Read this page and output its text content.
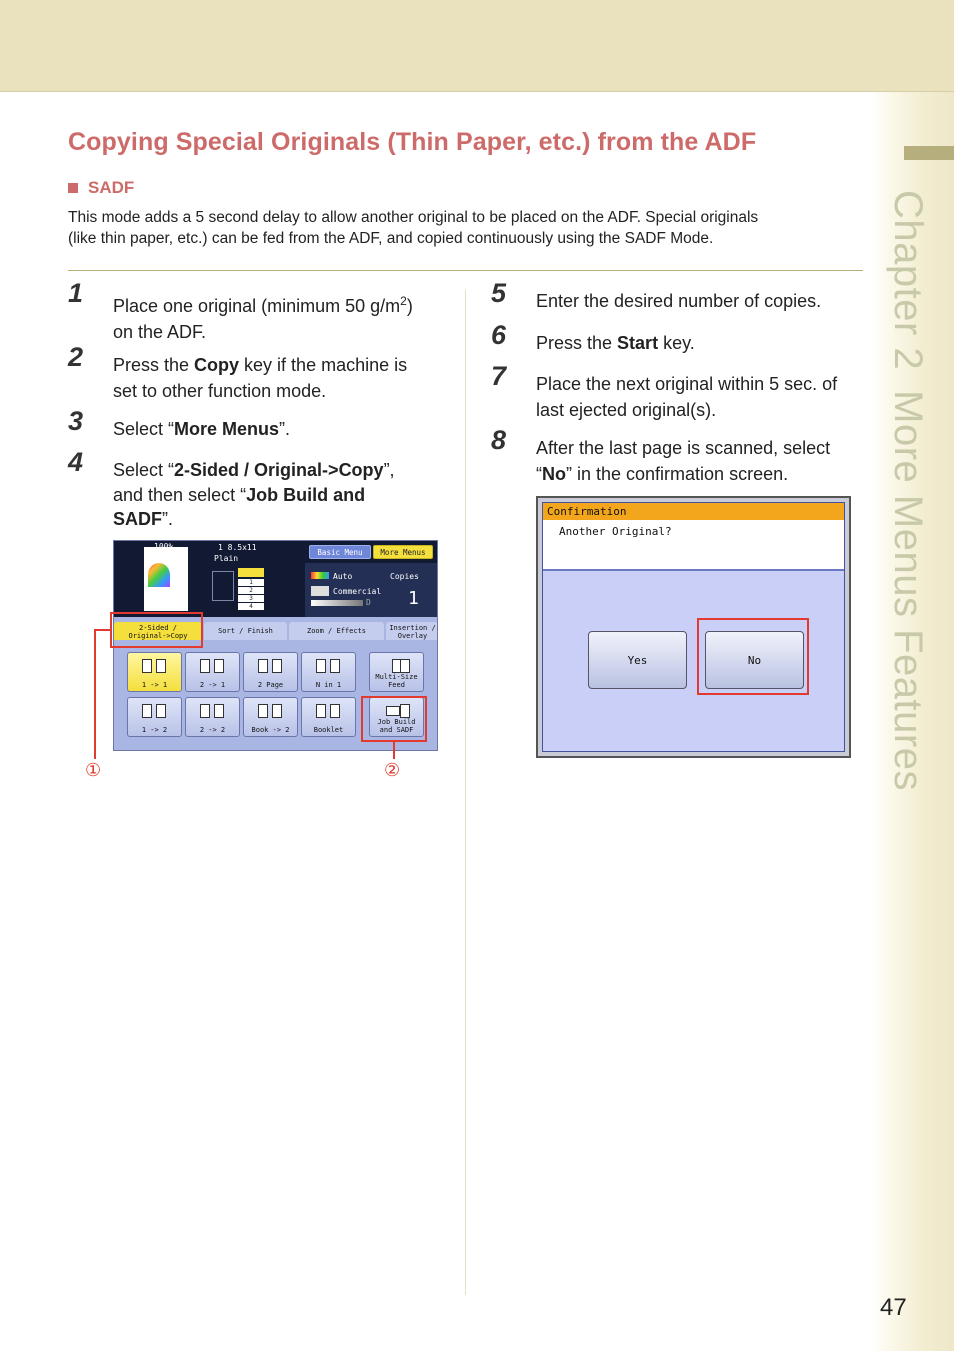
Chapter 2More Menus Features
Copying Special Originals (Thin Paper, etc.) from the ADF
SADF
This mode adds a 5 second delay to allow another original to be placed on the ADF. Special originals
(like thin paper, etc.) can be fed from the ADF, and copied continuously using the SADF Mode.
1	Place one original (minimum 50 $g/m^2$)
on the ADF.
2	Press the Copy key if the machine is
set to other function mode.
3	Select “More Menus”.
4	Select “2-Sided / Original->Copy”,
and then select “Job Build and
SADF”.
100%	1 8.5x11
Plain
1
2
3
4
Auto	Copies
Commercial
D 1
Basic Menu	More Menus
2-Sided /
Original->Copy
Sort / Finish	Zoom / Effects	Insertion /
Overlay
1 -> 1	2 -> 1	2 Page	N in 1
Multi-Size
Feed
1 -> 2	2 -> 2	Book -> 2	Booklet
Job Build
and SADF
①	②
5	Enter the desired number of copies.
6	Press the Start key.
7	Place the next original within 5 sec. of
last ejected original(s).
8	After the last page is scanned, select
“No” in the confirmation screen.
Confirmation
Another Original?
Yes	No
47
